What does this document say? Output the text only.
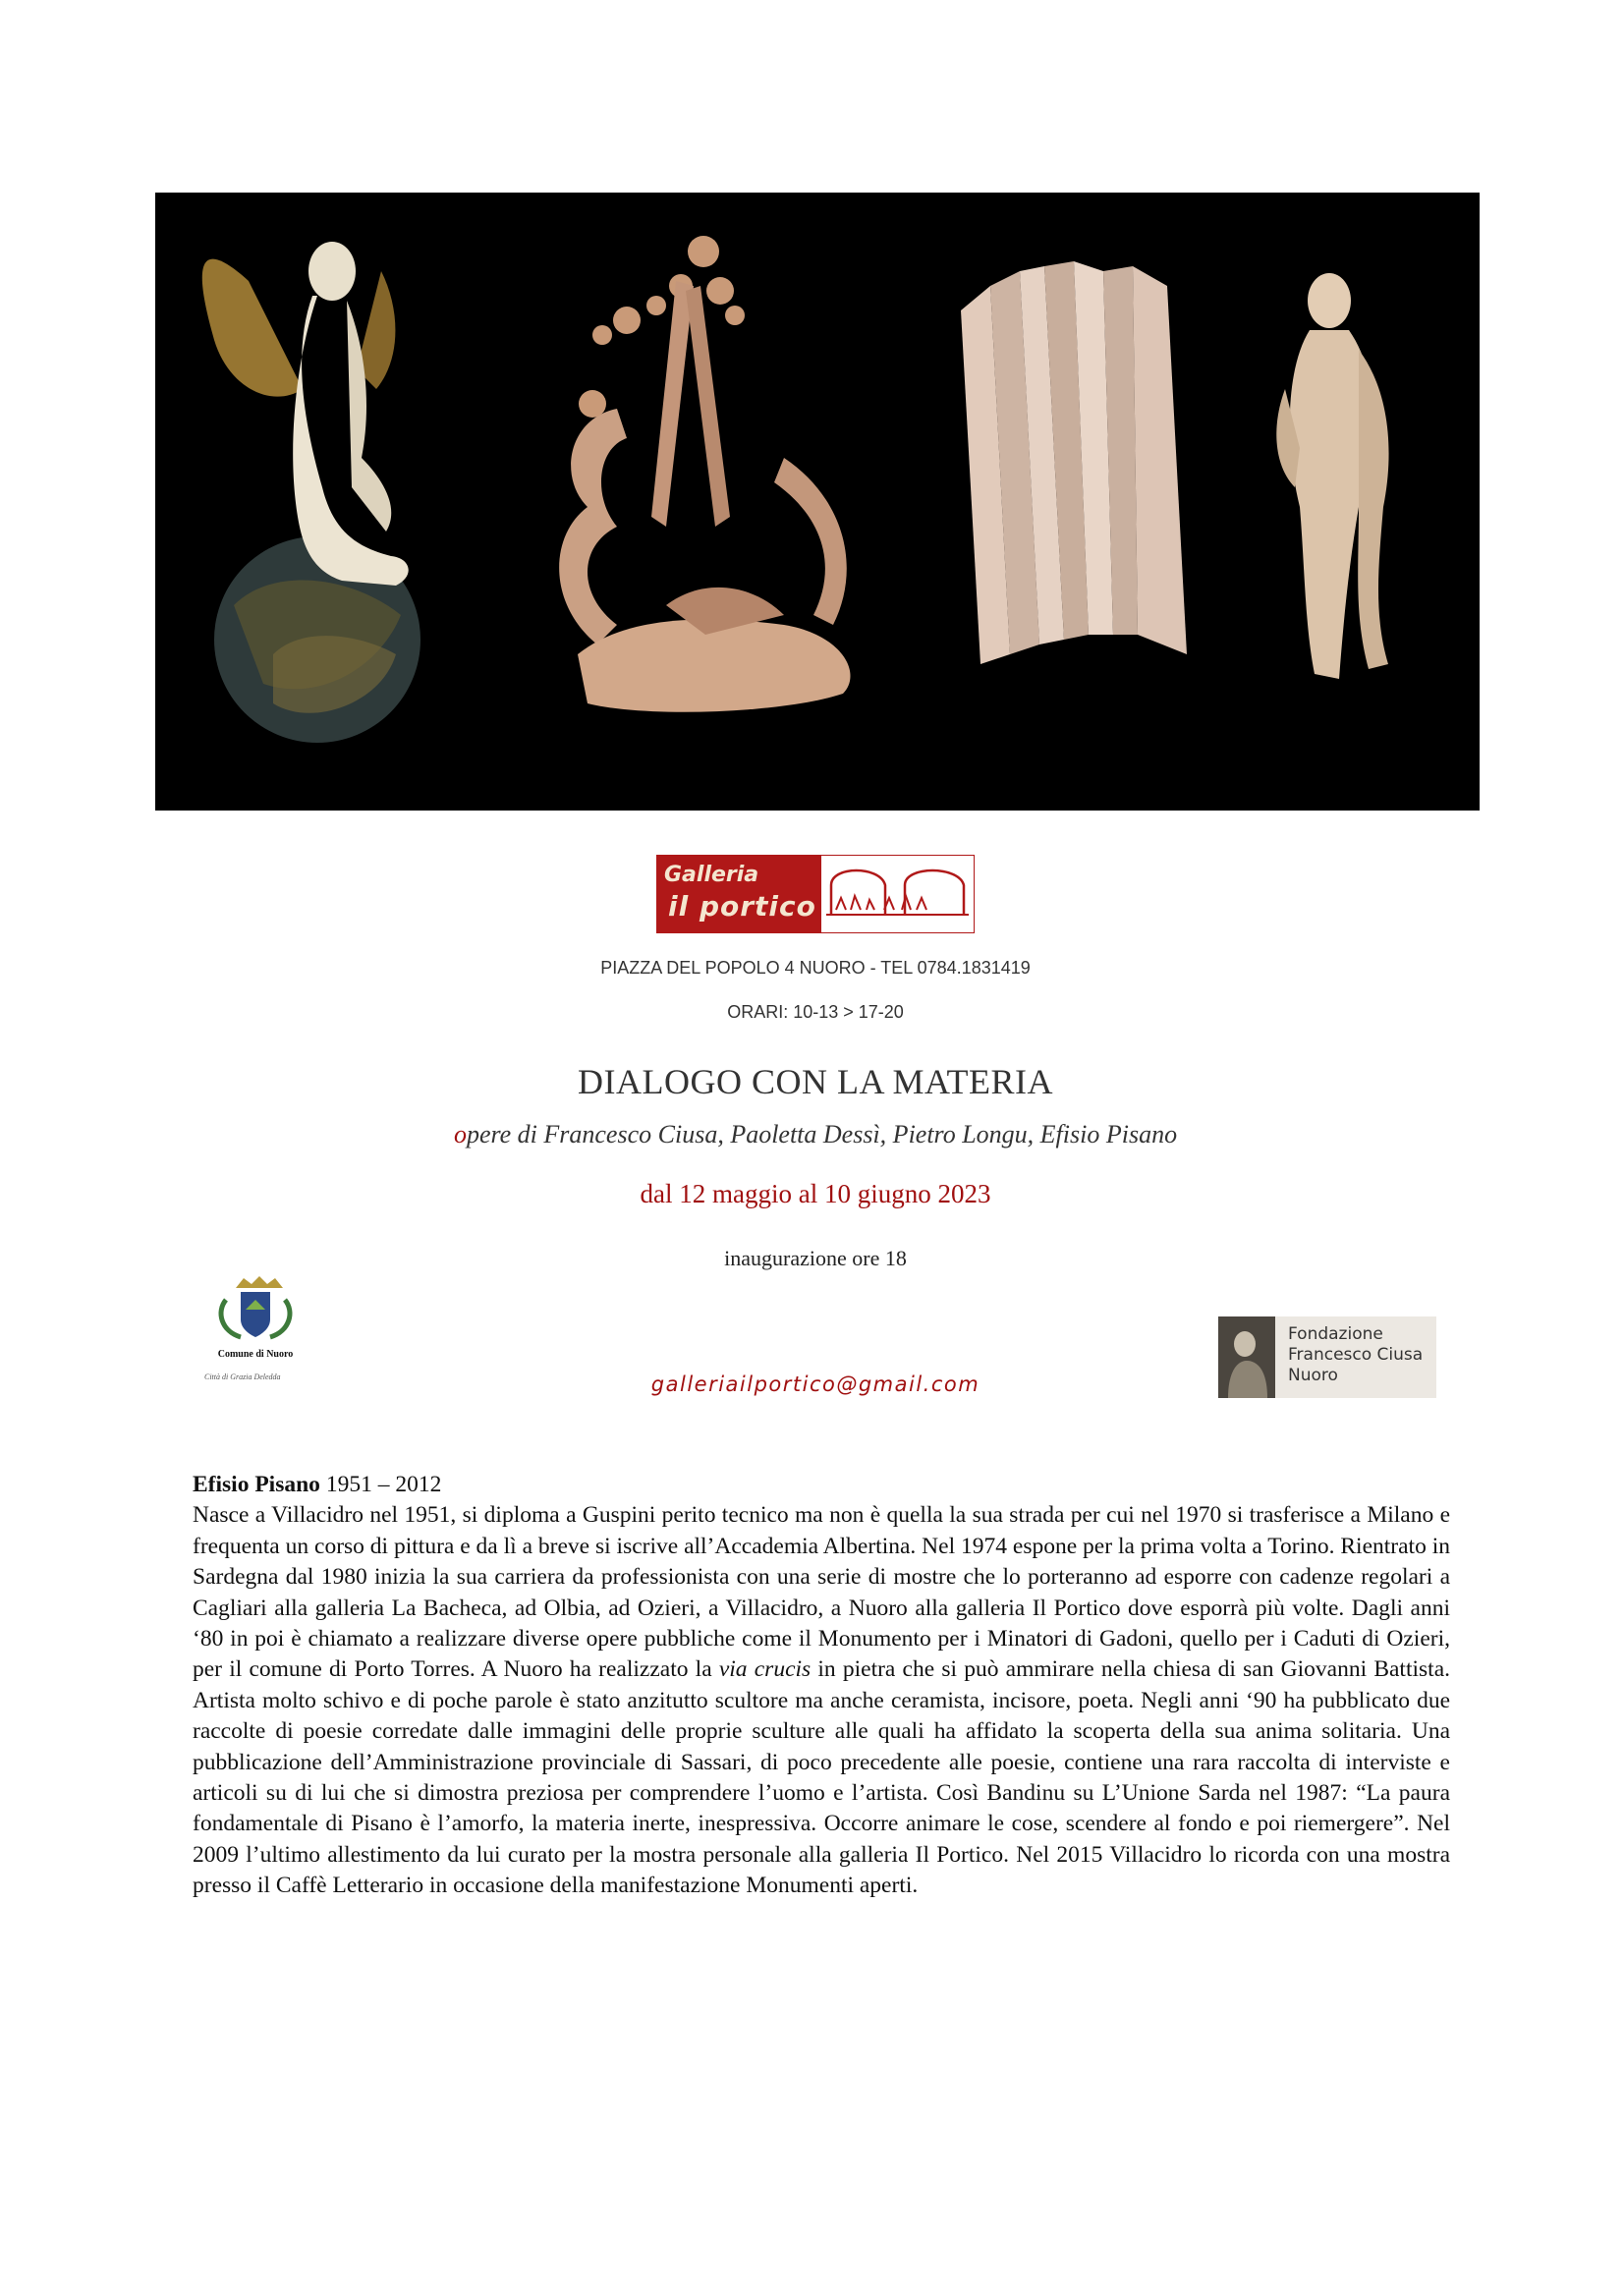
Galleria
il portico
PIAZZA DEL POPOLO 4 NUORO - TEL 0784.1831419
ORARI: 10-13 > 17-20
DIALOGO CON LA MATERIA
opere di Francesco Ciusa, Paoletta Dessì, Pietro Longu, Efisio Pisano
dal 12 maggio al 10 giugno 2023
inaugurazione ore 18
Comune di Nuoro
Città di Grazia Deledda	galleriailportico@gmail.com
Fondazione
Francesco Ciusa
Nuoro
Efisio Pisano 1951 – 2012

Nasce a Villacidro nel 1951, si diploma a Guspini perito tecnico ma non è quella la sua strada per cui nel 1970 si trasferisce a Milano e frequenta un corso di pittura e da lì a breve si iscrive all’Accademia Albertina. Nel 1974 espone per la prima volta a Torino. Rientrato in Sardegna dal 1980 inizia la sua carriera da professionista con una serie di mostre che lo porteranno ad esporre con cadenze regolari a Cagliari alla galleria La Bacheca, ad Olbia, ad Ozieri, a Villacidro, a Nuoro alla galleria Il Portico dove esporrà più volte. Dagli anni ‘80 in poi è chiamato a realizzare diverse opere pubbliche come il Monumento per i Minatori di Gadoni, quello per i Caduti di Ozieri, per il comune di Porto Torres. A Nuoro ha realizzato la via crucis in pietra che si può ammirare nella chiesa di san Giovanni Battista. Artista molto schivo e di poche parole è stato anzitutto scultore ma anche ceramista, incisore, poeta. Negli anni ‘90 ha pubblicato due raccolte di poesie corredate dalle immagini delle proprie sculture alle quali ha affidato la scoperta della sua anima solitaria. Una pubblicazione dell’Amministrazione provinciale di Sassari, di poco precedente alle poesie, contiene una rara raccolta di interviste e articoli su di lui che si dimostra preziosa per comprendere l’uomo e l’artista. Così Bandinu su L’Unione Sarda nel 1987: “La paura fondamentale di Pisano è l’amorfo, la materia inerte, inespressiva. Occorre animare le cose, scendere al fondo e poi riemergere”. Nel 2009 l’ultimo allestimento da lui curato per la mostra personale alla galleria Il Portico. Nel 2015 Villacidro lo ricorda con una mostra presso il Caffè Letterario in occasione della manifestazione Monumenti aperti.
